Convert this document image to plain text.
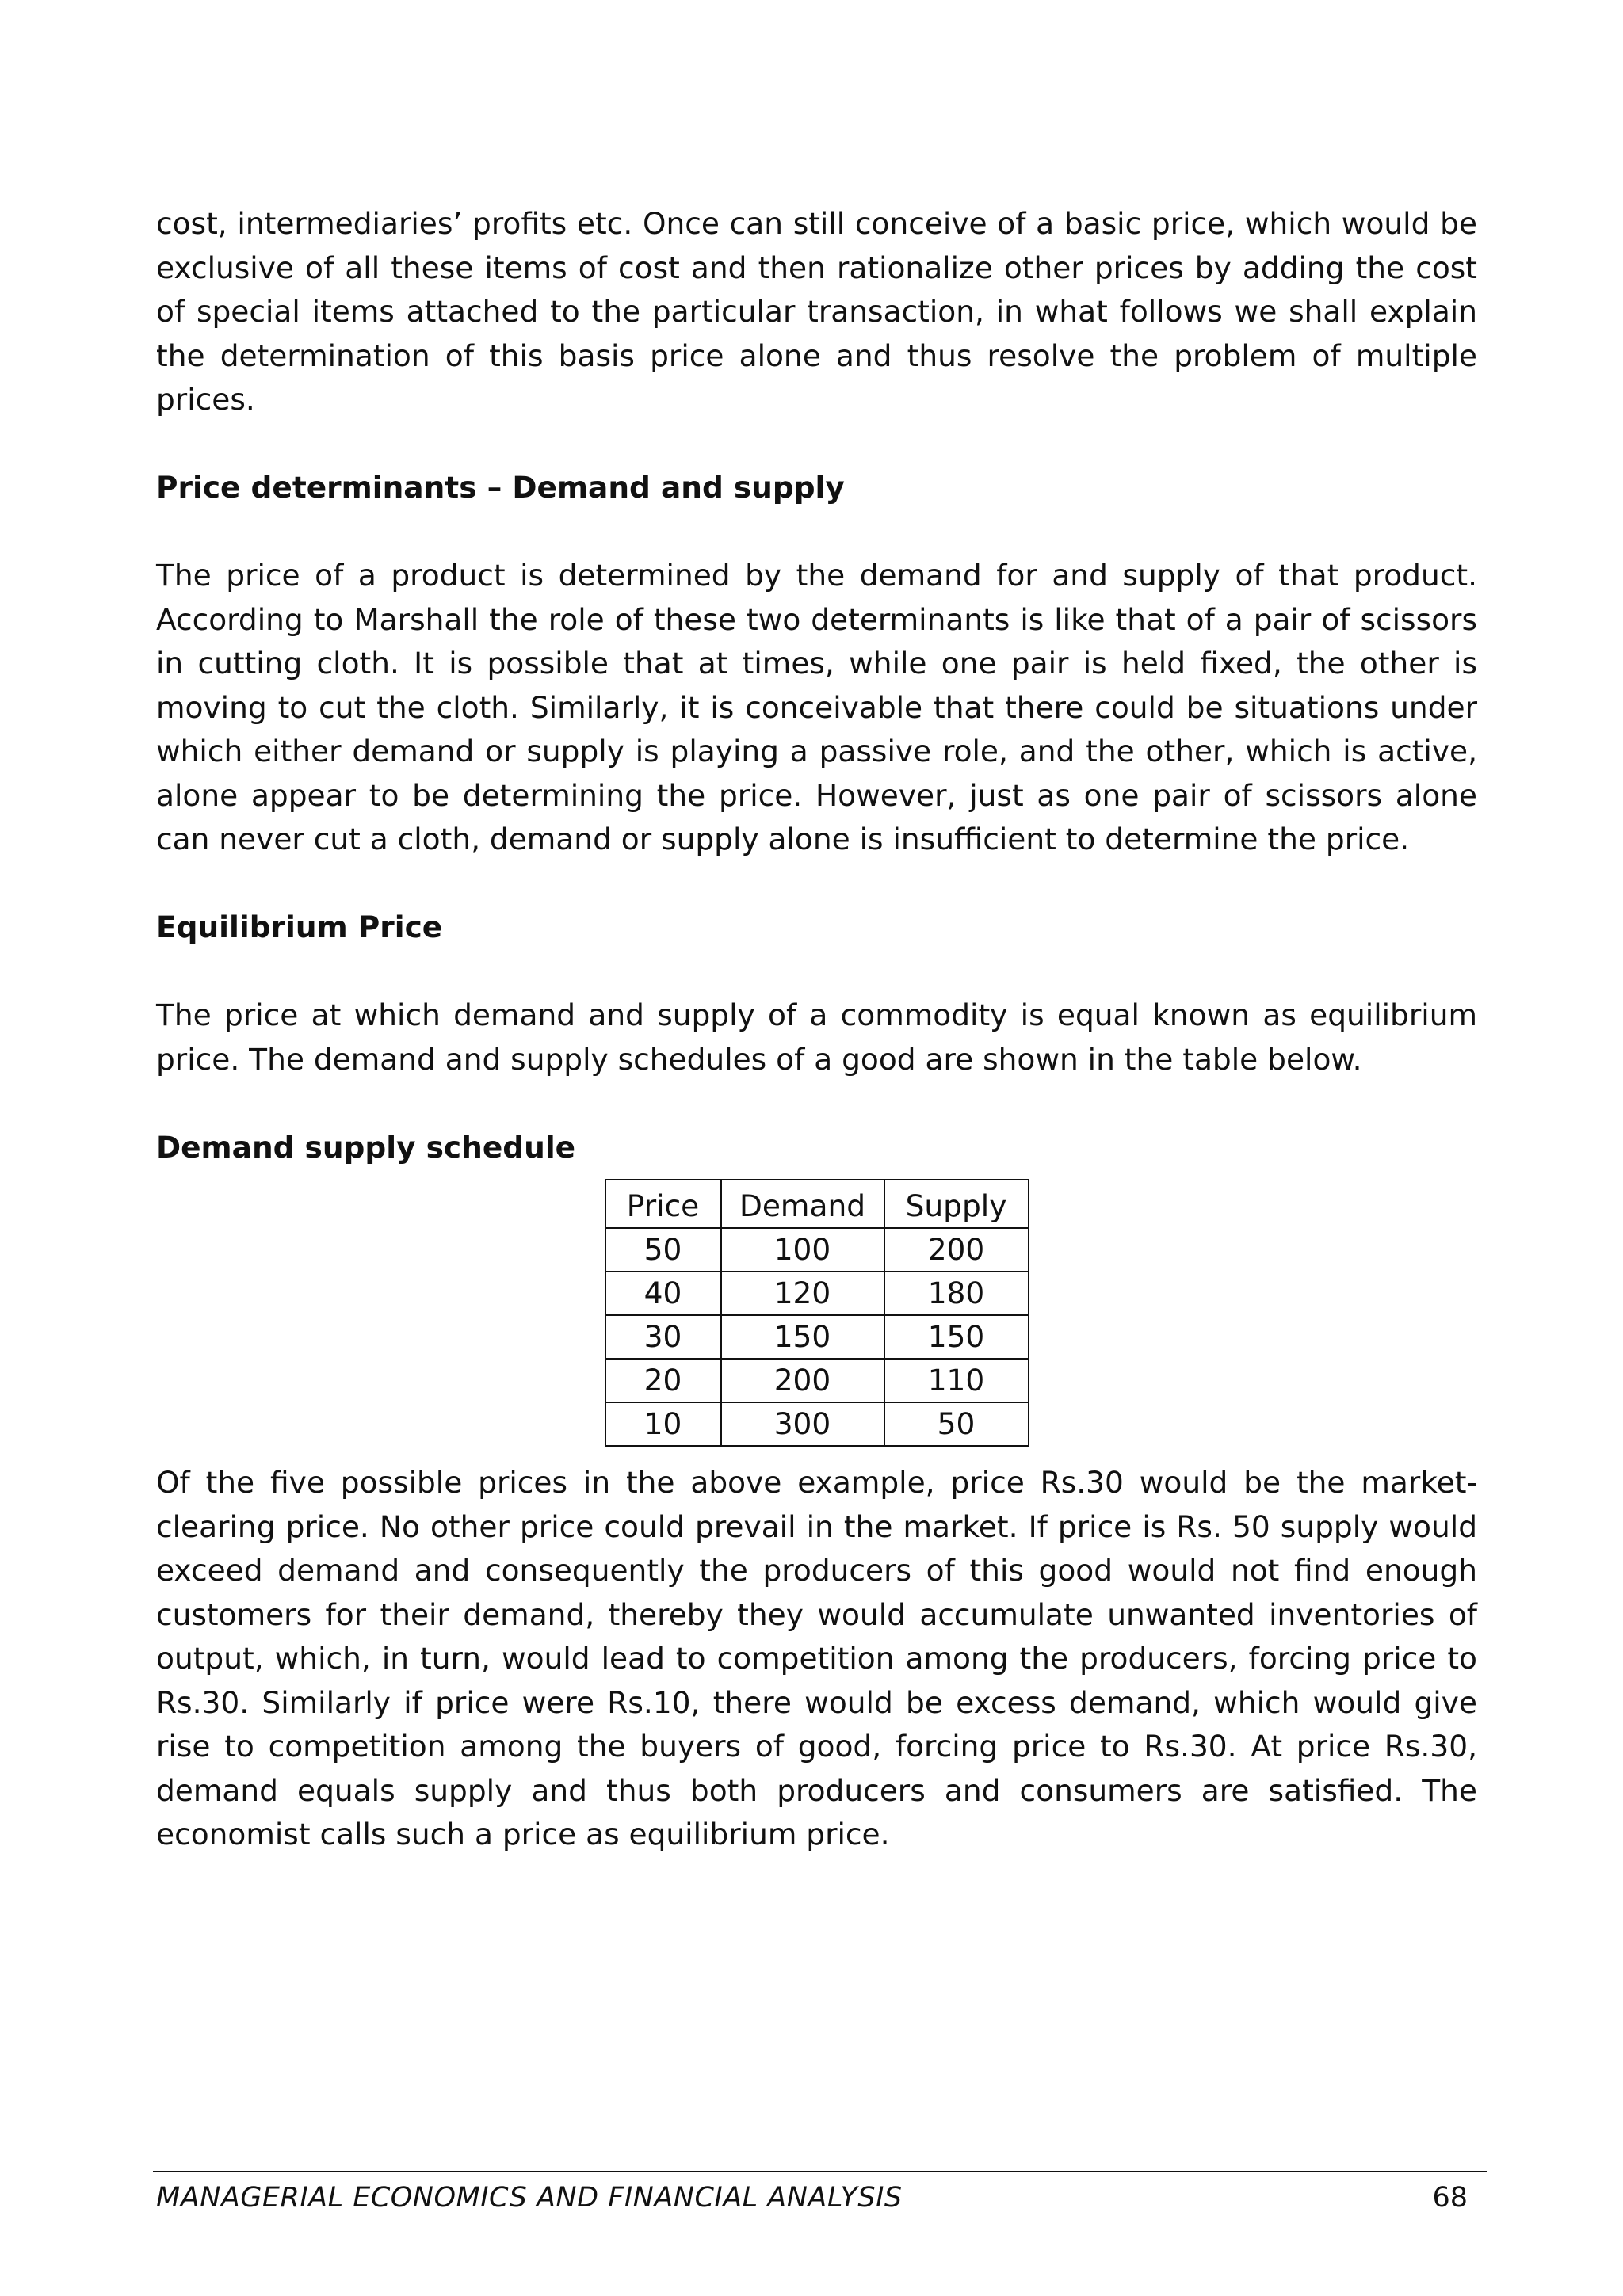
cost, intermediaries’ profits etc. Once can still conceive of a basic price, which would be exclusive of all these items of cost and then rationalize other prices by adding the cost of special items attached to the particular transaction, in what follows we shall explain the determination of this basis price alone and thus resolve the problem of multiple prices.

Price determinants – Demand and supply

The price of a product is determined by the demand for and supply of that product. According to Marshall the role of these two determinants is like that of a pair of scissors in cutting cloth. It is possible that at times, while one pair is held fixed, the other is moving to cut the cloth. Similarly, it is conceivable that there could be situations under which either demand or supply is playing a passive role, and the other, which is active, alone appear to be determining the price. However, just as one pair of scissors alone can never cut a cloth, demand or supply alone is insufficient to determine the price.

Equilibrium Price

The price at which demand and supply of a commodity is equal known as equilibrium price. The demand and supply schedules of a good are shown in the table below.

Demand supply schedule

Price	Demand	Supply
50	100	200
40	120	180
30	150	150
20	200	110
10	300	50

Of the five possible prices in the above example, price Rs.30 would be the market-clearing price. No other price could prevail in the market. If price is Rs. 50 supply would exceed demand and consequently the producers of this good would not find enough customers for their demand, thereby they would accumulate unwanted inventories of output, which, in turn, would lead to competition among the producers, forcing price to Rs.30. Similarly if price were Rs.10, there would be excess demand, which would give rise to competition among the buyers of good, forcing price to Rs.30. At price Rs.30, demand equals supply and thus both producers and consumers are satisfied. The economist calls such a price as equilibrium price.

MANAGERIAL ECONOMICS AND FINANCIAL ANALYSIS	68
